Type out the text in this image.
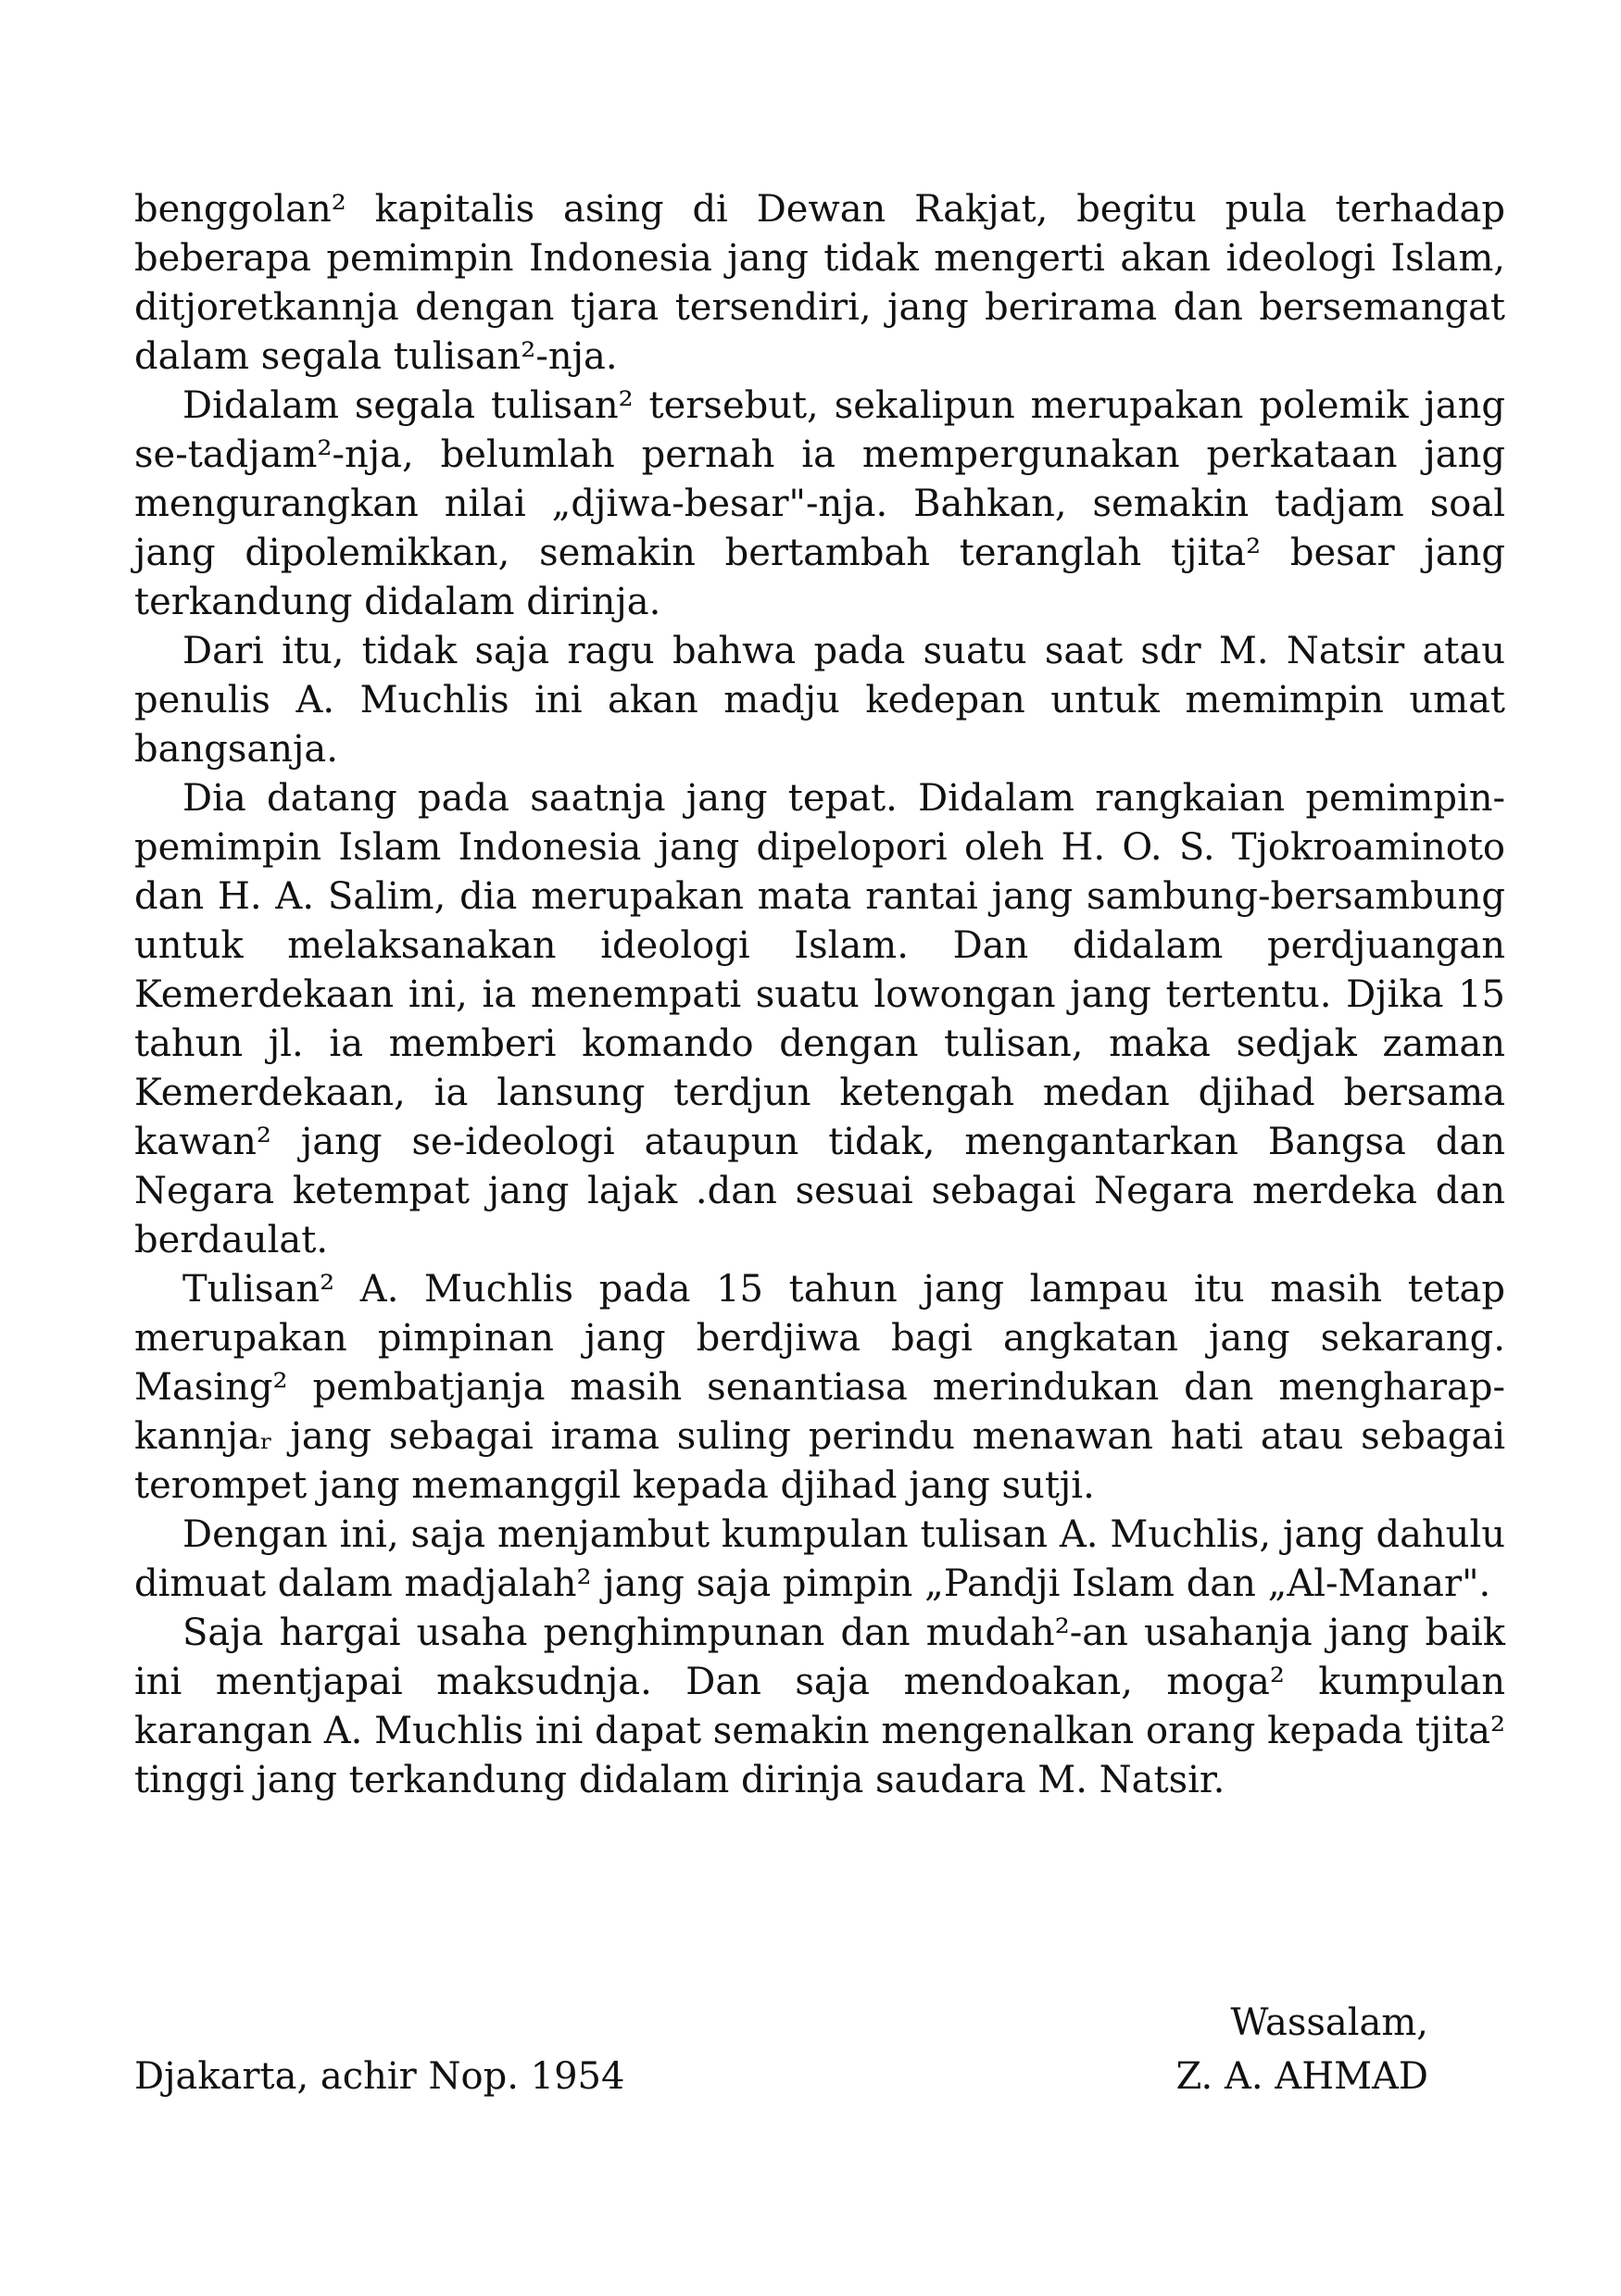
benggolan² kapitalis asing di Dewan Rakjat, begitu pula terhadap beberapa pemimpin Indonesia jang tidak mengerti akan ideologi Islam, ditjoretkannja dengan tjara tersendiri, jang berirama dan bersemangat dalam segala tulisan²-nja.

Didalam segala tulisan² tersebut, sekalipun merupakan polemik jang se-tadjam²-nja, belumlah pernah ia mempergunakan perkataan jang mengurangkan nilai „djiwa-besar"-nja. Bahkan, semakin tadjam soal jang dipolemikkan, semakin bertambah teranglah tjita² besar jang terkandung didalam dirinja.

Dari itu, tidak saja ragu bahwa pada suatu saat sdr M. Natsir atau penulis A. Muchlis ini akan madju kedepan untuk memimpin umat bangsanja.

Dia datang pada saatnja jang tepat. Didalam rangkaian pemimpin-pemimpin Islam Indonesia jang dipelopori oleh H. O. S. Tjokroaminoto dan H. A. Salim, dia merupakan mata rantai jang sambung-bersambung untuk melaksanakan ideologi Islam. Dan didalam perdjuangan Kemerdekaan ini, ia menempati suatu lowongan jang tertentu. Djika 15 tahun jl. ia memberi komando dengan tulisan, maka sedjak zaman Kemerdekaan, ia lansung terdjun ketengah medan djihad bersama kawan² jang se-ideologi ataupun tidak, mengantarkan Bangsa dan Negara ketempat jang lajak .dan sesuai sebagai Negara merdeka dan berdaulat.

Tulisan² A. Muchlis pada 15 tahun jang lampau itu masih tetap merupakan pimpinan jang berdjiwa bagi angkatan jang sekarang. Masing² pembatjanja masih senantiasa merindukan dan mengharapkannjaᵣ jang sebagai irama suling perindu menawan hati atau sebagai terompet jang memanggil kepada djihad jang sutji.

Dengan ini, saja menjambut kumpulan tulisan A. Muchlis, jang dahulu dimuat dalam madjalah² jang saja pimpin „Pandji Islam dan „Al-Manar".

Saja hargai usaha penghimpunan dan mudah²-an usahanja jang baik ini mentjapai maksudnja. Dan saja mendoakan, moga² kumpulan karangan A. Muchlis ini dapat semakin mengenalkan orang kepada tjita² tinggi jang terkandung didalam dirinja saudara M. Natsir.

Wassalam,
Djakarta, achir Nop. 1954	Z. A. AHMAD
